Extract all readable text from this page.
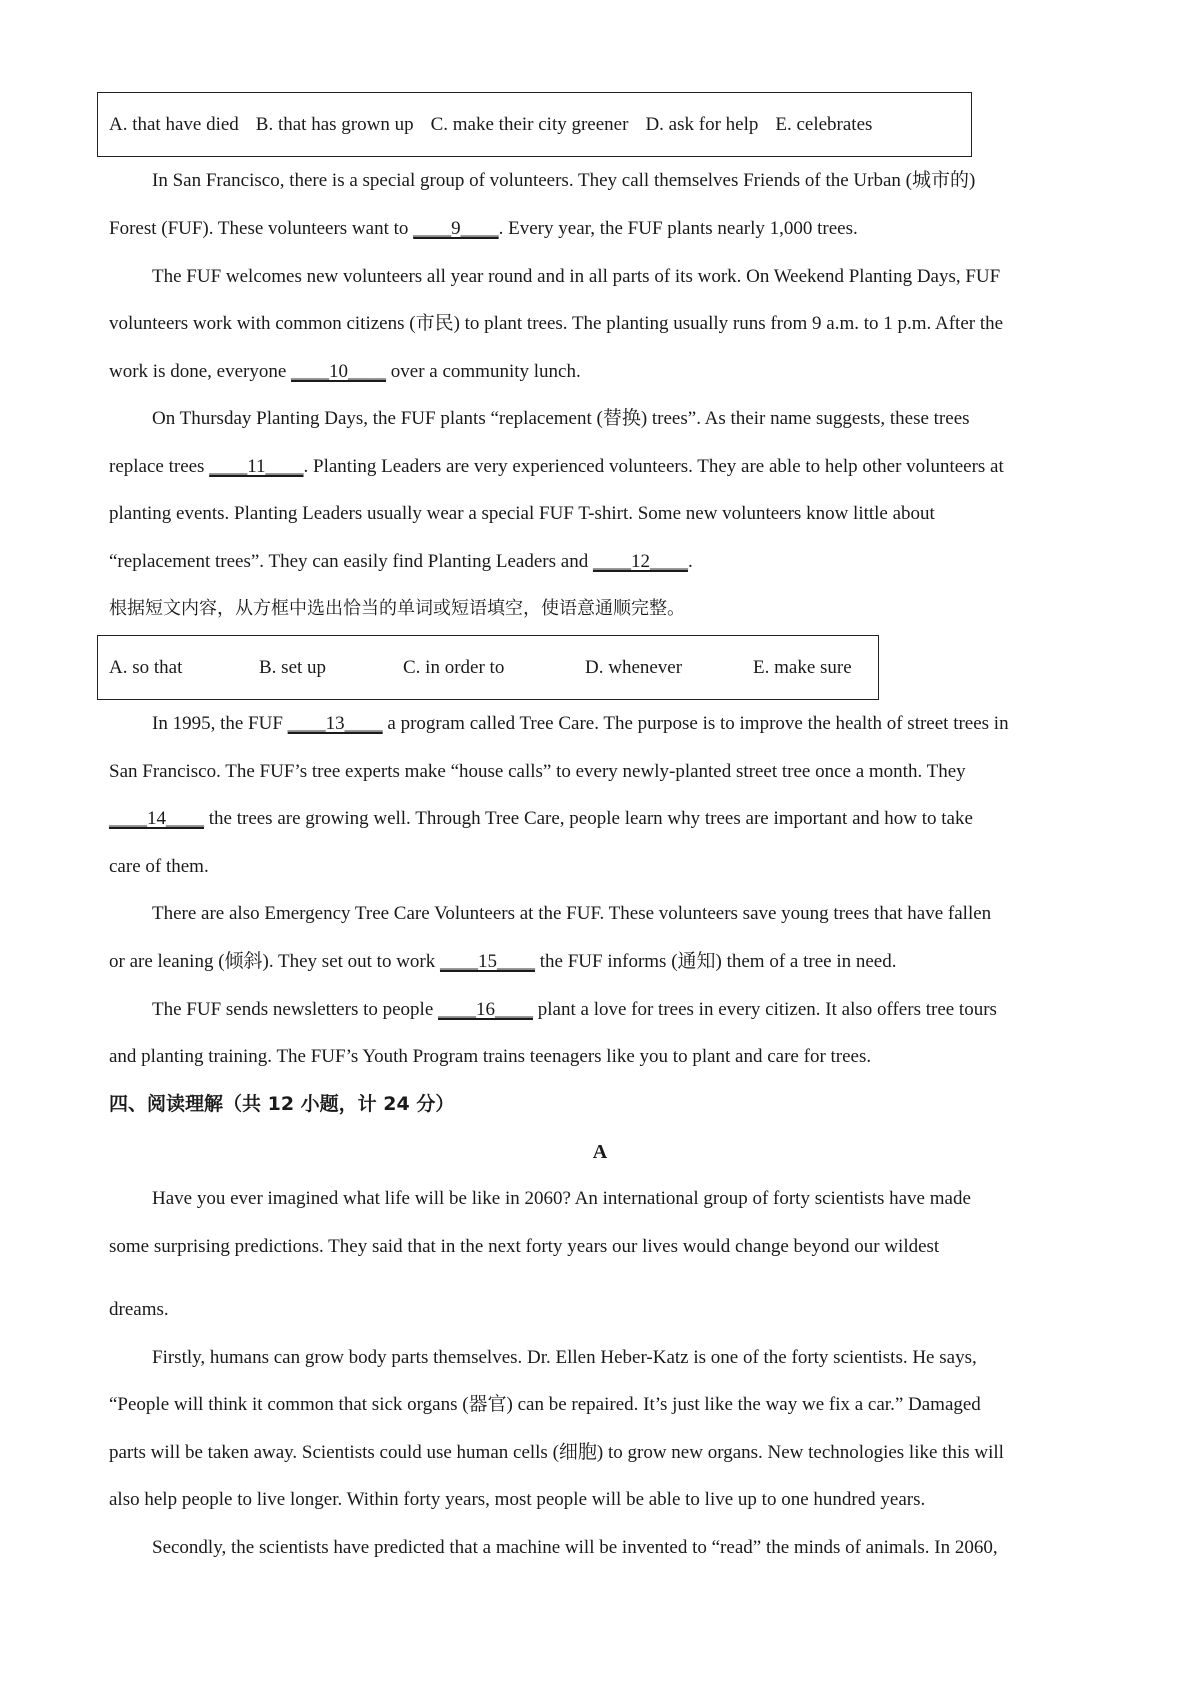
A. that have died B. that has grown up C. make their city greener D. ask for help E. celebrates
In San Francisco, there is a special group of volunteers. They call themselves Friends of the Urban (城市的)
Forest (FUF). These volunteers want to ____9____. Every year, the FUF plants nearly 1,000 trees.
The FUF welcomes new volunteers all year round and in all parts of its work. On Weekend Planting Days, FUF
volunteers work with common citizens (市民) to plant trees. The planting usually runs from 9 a.m. to 1 p.m. After the
work is done, everyone ____10____ over a community lunch.
On Thursday Planting Days, the FUF plants “replacement (替换) trees”. As their name suggests, these trees
replace trees ____11____. Planting Leaders are very experienced volunteers. They are able to help other volunteers at
planting events. Planting Leaders usually wear a special FUF T-shirt. Some new volunteers know little about
“replacement trees”. They can easily find Planting Leaders and ____12____.
根据短文内容，从方框中选出恰当的单词或短语填空，使语意通顺完整。
A. so that	B. set up	C. in order to	D. whenever	E. make sure
In 1995, the FUF ____13____ a program called Tree Care. The purpose is to improve the health of street trees in
San Francisco. The FUF’s tree experts make “house calls” to every newly-planted street tree once a month. They
____14____ the trees are growing well. Through Tree Care, people learn why trees are important and how to take
care of them.
There are also Emergency Tree Care Volunteers at the FUF. These volunteers save young trees that have fallen
or are leaning (倾斜). They set out to work ____15____ the FUF informs (通知) them of a tree in need.
The FUF sends newsletters to people ____16____ plant a love for trees in every citizen. It also offers tree tours
and planting training. The FUF’s Youth Program trains teenagers like you to plant and care for trees.
四、阅读理解（共 12 小题，计 24 分）
A
Have you ever imagined what life will be like in 2060? An international group of forty scientists have made
some surprising predictions. They said that in the next forty years our lives would change beyond our wildest
dreams.
Firstly, humans can grow body parts themselves. Dr. Ellen Heber-Katz is one of the forty scientists. He says,
“People will think it common that sick organs (器官) can be repaired. It’s just like the way we fix a car.” Damaged
parts will be taken away. Scientists could use human cells (细胞) to grow new organs. New technologies like this will
also help people to live longer. Within forty years, most people will be able to live up to one hundred years.
Secondly, the scientists have predicted that a machine will be invented to “read” the minds of animals. In 2060,
